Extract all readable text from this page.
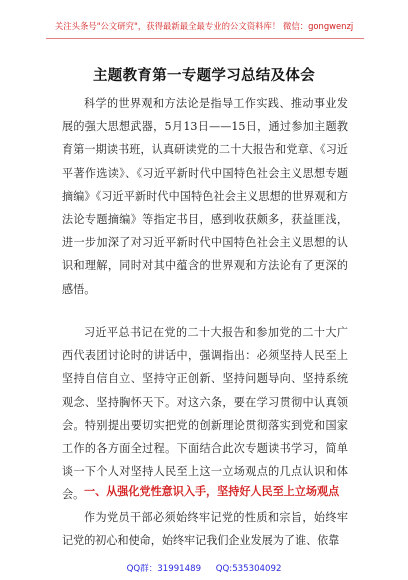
关注头条号"公文研究"，获得最新最全最专业的公文资料库！ 微信：gongwenzj
主题教育第一专题学习总结及体会

科学的世界观和方法论是指导工作实践、推动事业发展的强大思想武器，5月13日——15日，通过参加主题教育第一期读书班，认真研读党的二十大报告和党章、《习近平著作选读》、《习近平新时代中国特色社会主义思想专题摘编》《习近平新时代中国特色社会主义思想的世界观和方法论专题摘编》等指定书目，感到收获颇多，获益匪浅，进一步加深了对习近平新时代中国特色社会主义思想的认识和理解，同时对其中蕴含的世界观和方法论有了更深的感悟。

习近平总书记在党的二十大报告和参加党的二十大广西代表团讨论时的讲话中，强调指出：必须坚持人民至上坚持自信自立、坚持守正创新、坚持问题导向、坚持系统观念、坚持胸怀天下。对这六条，要在学习贯彻中认真领会。特别提出要切实把党的创新理论贯彻落实到党和国家工作的各方面全过程。下面结合此次专题读书学习，简单谈一下个人对坚持人民至上这一立场观点的几点认识和体会。 一、从强化党性意识入手，坚持好人民至上立场观点

作为党员干部必须始终牢记党的性质和宗旨，始终牢记党的初心和使命，始终牢记我们企业发展为了谁、依靠

QQ群：31991489 QQ:535304092
